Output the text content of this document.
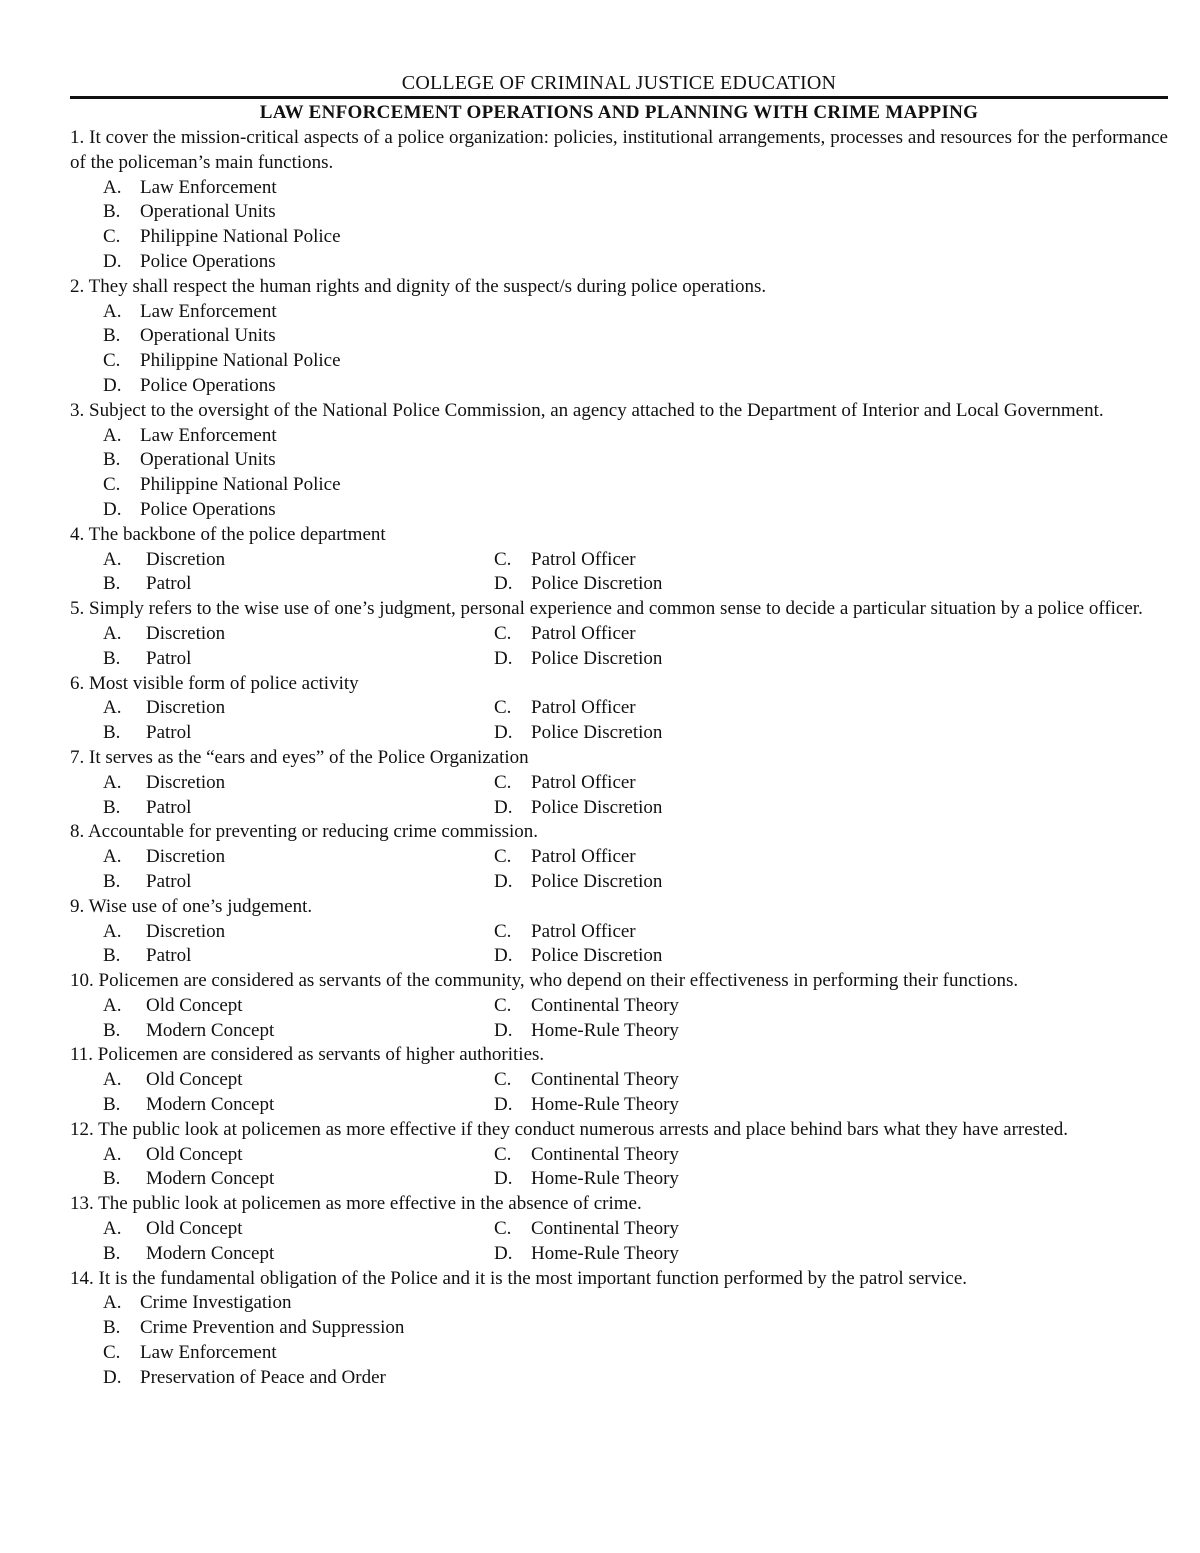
COLLEGE OF CRIMINAL JUSTICE EDUCATION
LAW ENFORCEMENT OPERATIONS AND PLANNING WITH CRIME MAPPING
1. It cover the mission-critical aspects of a police organization: policies, institutional arrangements, processes and resources for the performance of the policeman’s main functions.
A. Law Enforcement
B. Operational Units
C. Philippine National Police
D. Police Operations
2. They shall respect the human rights and dignity of the suspect/s during police operations.
A. Law Enforcement
B. Operational Units
C. Philippine National Police
D. Police Operations
3. Subject to the oversight of the National Police Commission, an agency attached to the Department of Interior and Local Government.
A. Law Enforcement
B. Operational Units
C. Philippine National Police
D. Police Operations
4. The backbone of the police department
A. Discretion	C. Patrol Officer
B. Patrol	D. Police Discretion
5. Simply refers to the wise use of one’s judgment, personal experience and common sense to decide a particular situation by a police officer.
A. Discretion	C. Patrol Officer
B. Patrol	D. Police Discretion
6. Most visible form of police activity
A. Discretion	C. Patrol Officer
B. Patrol	D. Police Discretion
7. It serves as the “ears and eyes” of the Police Organization
A. Discretion	C. Patrol Officer
B. Patrol	D. Police Discretion
8. Accountable for preventing or reducing crime commission.
A. Discretion	C. Patrol Officer
B. Patrol	D. Police Discretion
9. Wise use of one’s judgement.
A. Discretion	C. Patrol Officer
B. Patrol	D. Police Discretion
10. Policemen are considered as servants of the community, who depend on their effectiveness in performing their functions.
A. Old Concept	C. Continental Theory
B. Modern Concept	D. Home-Rule Theory
11. Policemen are considered as servants of higher authorities.
A. Old Concept	C. Continental Theory
B. Modern Concept	D. Home-Rule Theory
12. The public look at policemen as more effective if they conduct numerous arrests and place behind bars what they have arrested.
A. Old Concept	C. Continental Theory
B. Modern Concept	D. Home-Rule Theory
13. The public look at policemen as more effective in the absence of crime.
A. Old Concept	C. Continental Theory
B. Modern Concept	D. Home-Rule Theory
14. It is the fundamental obligation of the Police and it is the most important function performed by the patrol service.
A. Crime Investigation
B. Crime Prevention and Suppression
C. Law Enforcement
D. Preservation of Peace and Order
